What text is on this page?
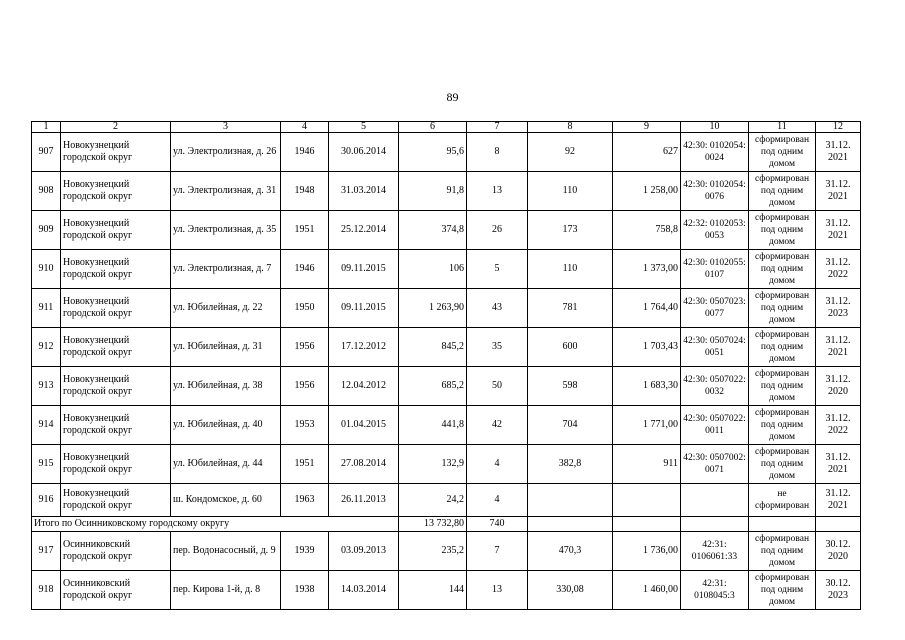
89
1	2	3	4	5	6	7	8	9	10	11	12
907	Новокузнецкий городской округ	ул. Электролизная, д. 26	1946	30.06.2014	95,6	8	92	627	42:30: 0102054: 0024	сформирован под одним домом	31.12. 2021
908	Новокузнецкий городской округ	ул. Электролизная, д. 31	1948	31.03.2014	91,8	13	110	1 258,00	42:30: 0102054: 0076	сформирован под одним домом	31.12. 2021
909	Новокузнецкий городской округ	ул. Электролизная, д. 35	1951	25.12.2014	374,8	26	173	758,8	42:32: 0102053: 0053	сформирован под одним домом	31.12. 2021
910	Новокузнецкий городской округ	ул. Электролизная, д. 7	1946	09.11.2015	106	5	110	1 373,00	42:30: 0102055: 0107	сформирован под одним домом	31.12. 2022
911	Новокузнецкий городской округ	ул. Юбилейная, д. 22	1950	09.11.2015	1 263,90	43	781	1 764,40	42:30: 0507023: 0077	сформирован под одним домом	31.12. 2023
912	Новокузнецкий городской округ	ул. Юбилейная, д. 31	1956	17.12.2012	845,2	35	600	1 703,43	42:30: 0507024: 0051	сформирован под одним домом	31.12. 2021
913	Новокузнецкий городской округ	ул. Юбилейная, д. 38	1956	12.04.2012	685,2	50	598	1 683,30	42:30: 0507022: 0032	сформирован под одним домом	31.12. 2020
914	Новокузнецкий городской округ	ул. Юбилейная, д. 40	1953	01.04.2015	441,8	42	704	1 771,00	42:30: 0507022: 0011	сформирован под одним домом	31.12. 2022
915	Новокузнецкий городской округ	ул. Юбилейная, д. 44	1951	27.08.2014	132,9	4	382,8	911	42:30: 0507002: 0071	сформирован под одним домом	31.12. 2021
916	Новокузнецкий городской округ	ш. Кондомское, д. 60	1963	26.11.2013	24,2	4				не сформирован	31.12. 2021
Итого по Осинниковскому городскому округу					13 732,80	740					
917	Осинниковский городской округ	пер. Водонасосный, д. 9	1939	03.09.2013	235,2	7	470,3	1 736,00	42:31: 0106061:33	сформирован под одним домом	30.12. 2020
918	Осинниковский городской округ	пер. Кирова 1-й, д. 8	1938	14.03.2014	144	13	330,08	1 460,00	42:31: 0108045:3	сформирован под одним домом	30.12. 2023
